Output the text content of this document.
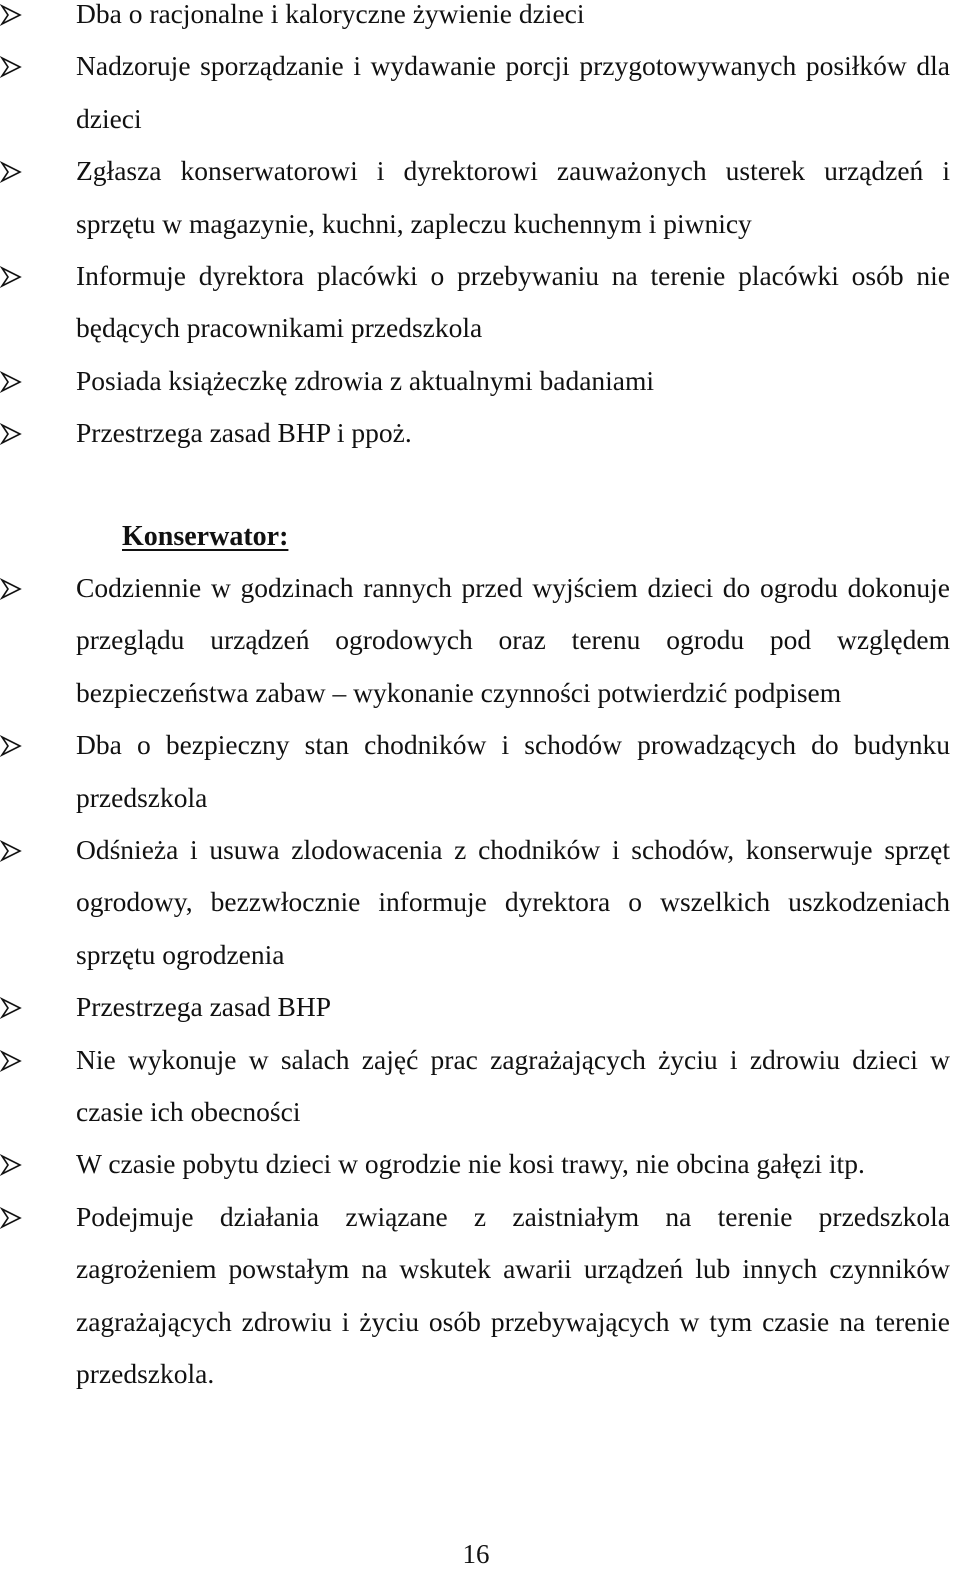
Dba o racjonalne i kaloryczne żywienie dzieci
Nadzoruje sporządzanie i wydawanie porcji przygotowywanych posiłków dla dzieci
Zgłasza konserwatorowi i dyrektorowi zauważonych usterek urządzeń i sprzętu w magazynie, kuchni, zapleczu kuchennym i piwnicy
Informuje dyrektora placówki o przebywaniu na terenie placówki osób nie będących pracownikami przedszkola
Posiada książeczkę zdrowia z aktualnymi badaniami
Przestrzega zasad BHP i ppoż.
Konserwator:
Codziennie w godzinach rannych przed wyjściem dzieci do ogrodu dokonuje przeglądu urządzeń ogrodowych oraz terenu ogrodu pod względem bezpieczeństwa zabaw – wykonanie czynności potwierdzić podpisem
Dba o bezpieczny stan chodników i schodów prowadzących do budynku przedszkola
Odśnieża i usuwa zlodowacenia z chodników i schodów, konserwuje sprzęt ogrodowy, bezzwłocznie informuje dyrektora o wszelkich uszkodzeniach sprzętu ogrodzenia
Przestrzega zasad BHP
Nie wykonuje w salach zajęć prac zagrażających życiu i zdrowiu dzieci w czasie ich obecności
W czasie pobytu dzieci w ogrodzie nie kosi trawy, nie obcina gałęzi itp.
Podejmuje działania związane z zaistniałym na terenie przedszkola zagrożeniem powstałym na wskutek awarii urządzeń lub innych czynników zagrażających zdrowiu i życiu osób przebywających w tym czasie na terenie przedszkola.
16
